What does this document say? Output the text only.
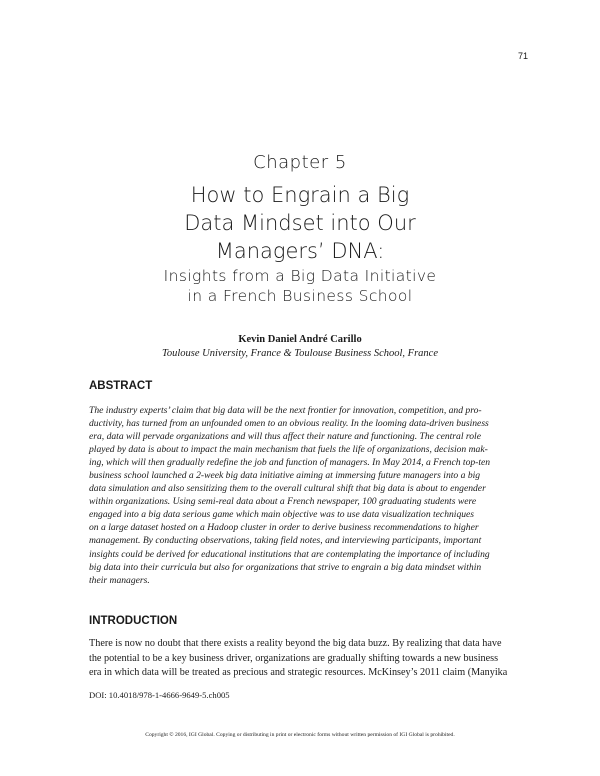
71
Chapter 5
How to Engrain a Big
Data Mindset into Our
Managers’ DNA:
Insights from a Big Data Initiative
in a French Business School
Kevin Daniel André Carillo
Toulouse University, France & Toulouse Business School, France
ABSTRACT
The industry experts’ claim that big data will be the next frontier for innovation, competition, and pro-
ductivity, has turned from an unfounded omen to an obvious reality. In the looming data-driven business
era, data will pervade organizations and will thus affect their nature and functioning. The central role
played by data is about to impact the main mechanism that fuels the life of organizations, decision mak-
ing, which will then gradually redefine the job and function of managers. In May 2014, a French top-ten
business school launched a 2-week big data initiative aiming at immersing future managers into a big
data simulation and also sensitizing them to the overall cultural shift that big data is about to engender
within organizations. Using semi-real data about a French newspaper, 100 graduating students were
engaged into a big data serious game which main objective was to use data visualization techniques
on a large dataset hosted on a Hadoop cluster in order to derive business recommendations to higher
management. By conducting observations, taking field notes, and interviewing participants, important
insights could be derived for educational institutions that are contemplating the importance of including
big data into their curricula but also for organizations that strive to engrain a big data mindset within
their managers.
INTRODUCTION
There is now no doubt that there exists a reality beyond the big data buzz. By realizing that data have
the potential to be a key business driver, organizations are gradually shifting towards a new business
era in which data will be treated as precious and strategic resources. McKinsey’s 2011 claim (Manyika
DOI: 10.4018/978-1-4666-9649-5.ch005
Copyright © 2016, IGI Global. Copying or distributing in print or electronic forms without written permission of IGI Global is prohibited.
